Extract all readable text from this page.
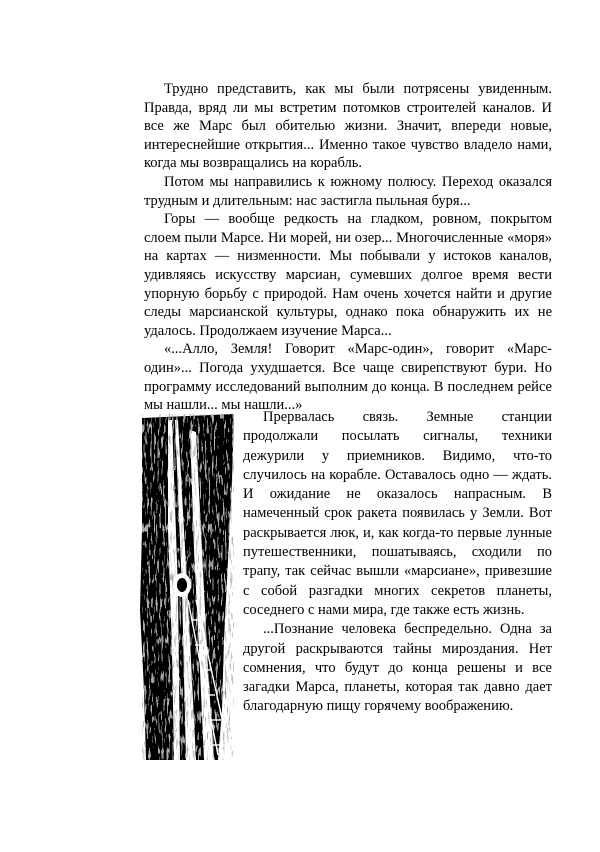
Трудно представить, как мы были потрясены увиденным. Правда, вряд ли мы встретим потомков строителей каналов. И все же Марс был обителью жизни. Значит, впереди новые, интереснейшие открытия... Именно такое чувство владело нами, когда мы возвращались на корабль.

Потом мы направились к южному полюсу. Переход оказался трудным и длительным: нас застигла пыльная буря...

Горы — вообще редкость на гладком, ровном, покрытом слоем пыли Марсе. Ни морей, ни озер... Многочисленные «моря» на картах — низменности. Мы побывали у истоков каналов, удивляясь искусству марсиан, сумевших долгое время вести упорную борьбу с природой. Нам очень хочется найти и другие следы марсианской культуры, однако пока обнаружить их не удалось. Продолжаем изучение Марса...

«...Алло, Земля! Говорит «Марс-один», говорит «Марс-один»... Погода ухудшается. Все чаще свирепствуют бури. Но программу исследований выполним до конца. В последнем рейсе мы нашли... мы нашли...»

Прервалась связь. Земные станции продолжали посылать сигналы, техники дежурили у приемников. Видимо, что-то случилось на корабле. Оставалось одно — ждать. И ожидание не оказалось напрасным. В намеченный срок ракета появилась у Земли. Вот раскрывается люк, и, как когда-то первые лунные путешественники, пошатываясь, сходили по трапу, так сейчас вышли «марсиане», привезшие с собой разгадки многих секретов планеты, соседнего с нами мира, где также есть жизнь.

...Познание человека беспредельно. Одна за другой раскрываются тайны мироздания. Нет сомнения, что будут до конца решены и все загадки Марса, планеты, которая так давно дает благодарную пищу горячему воображению.
